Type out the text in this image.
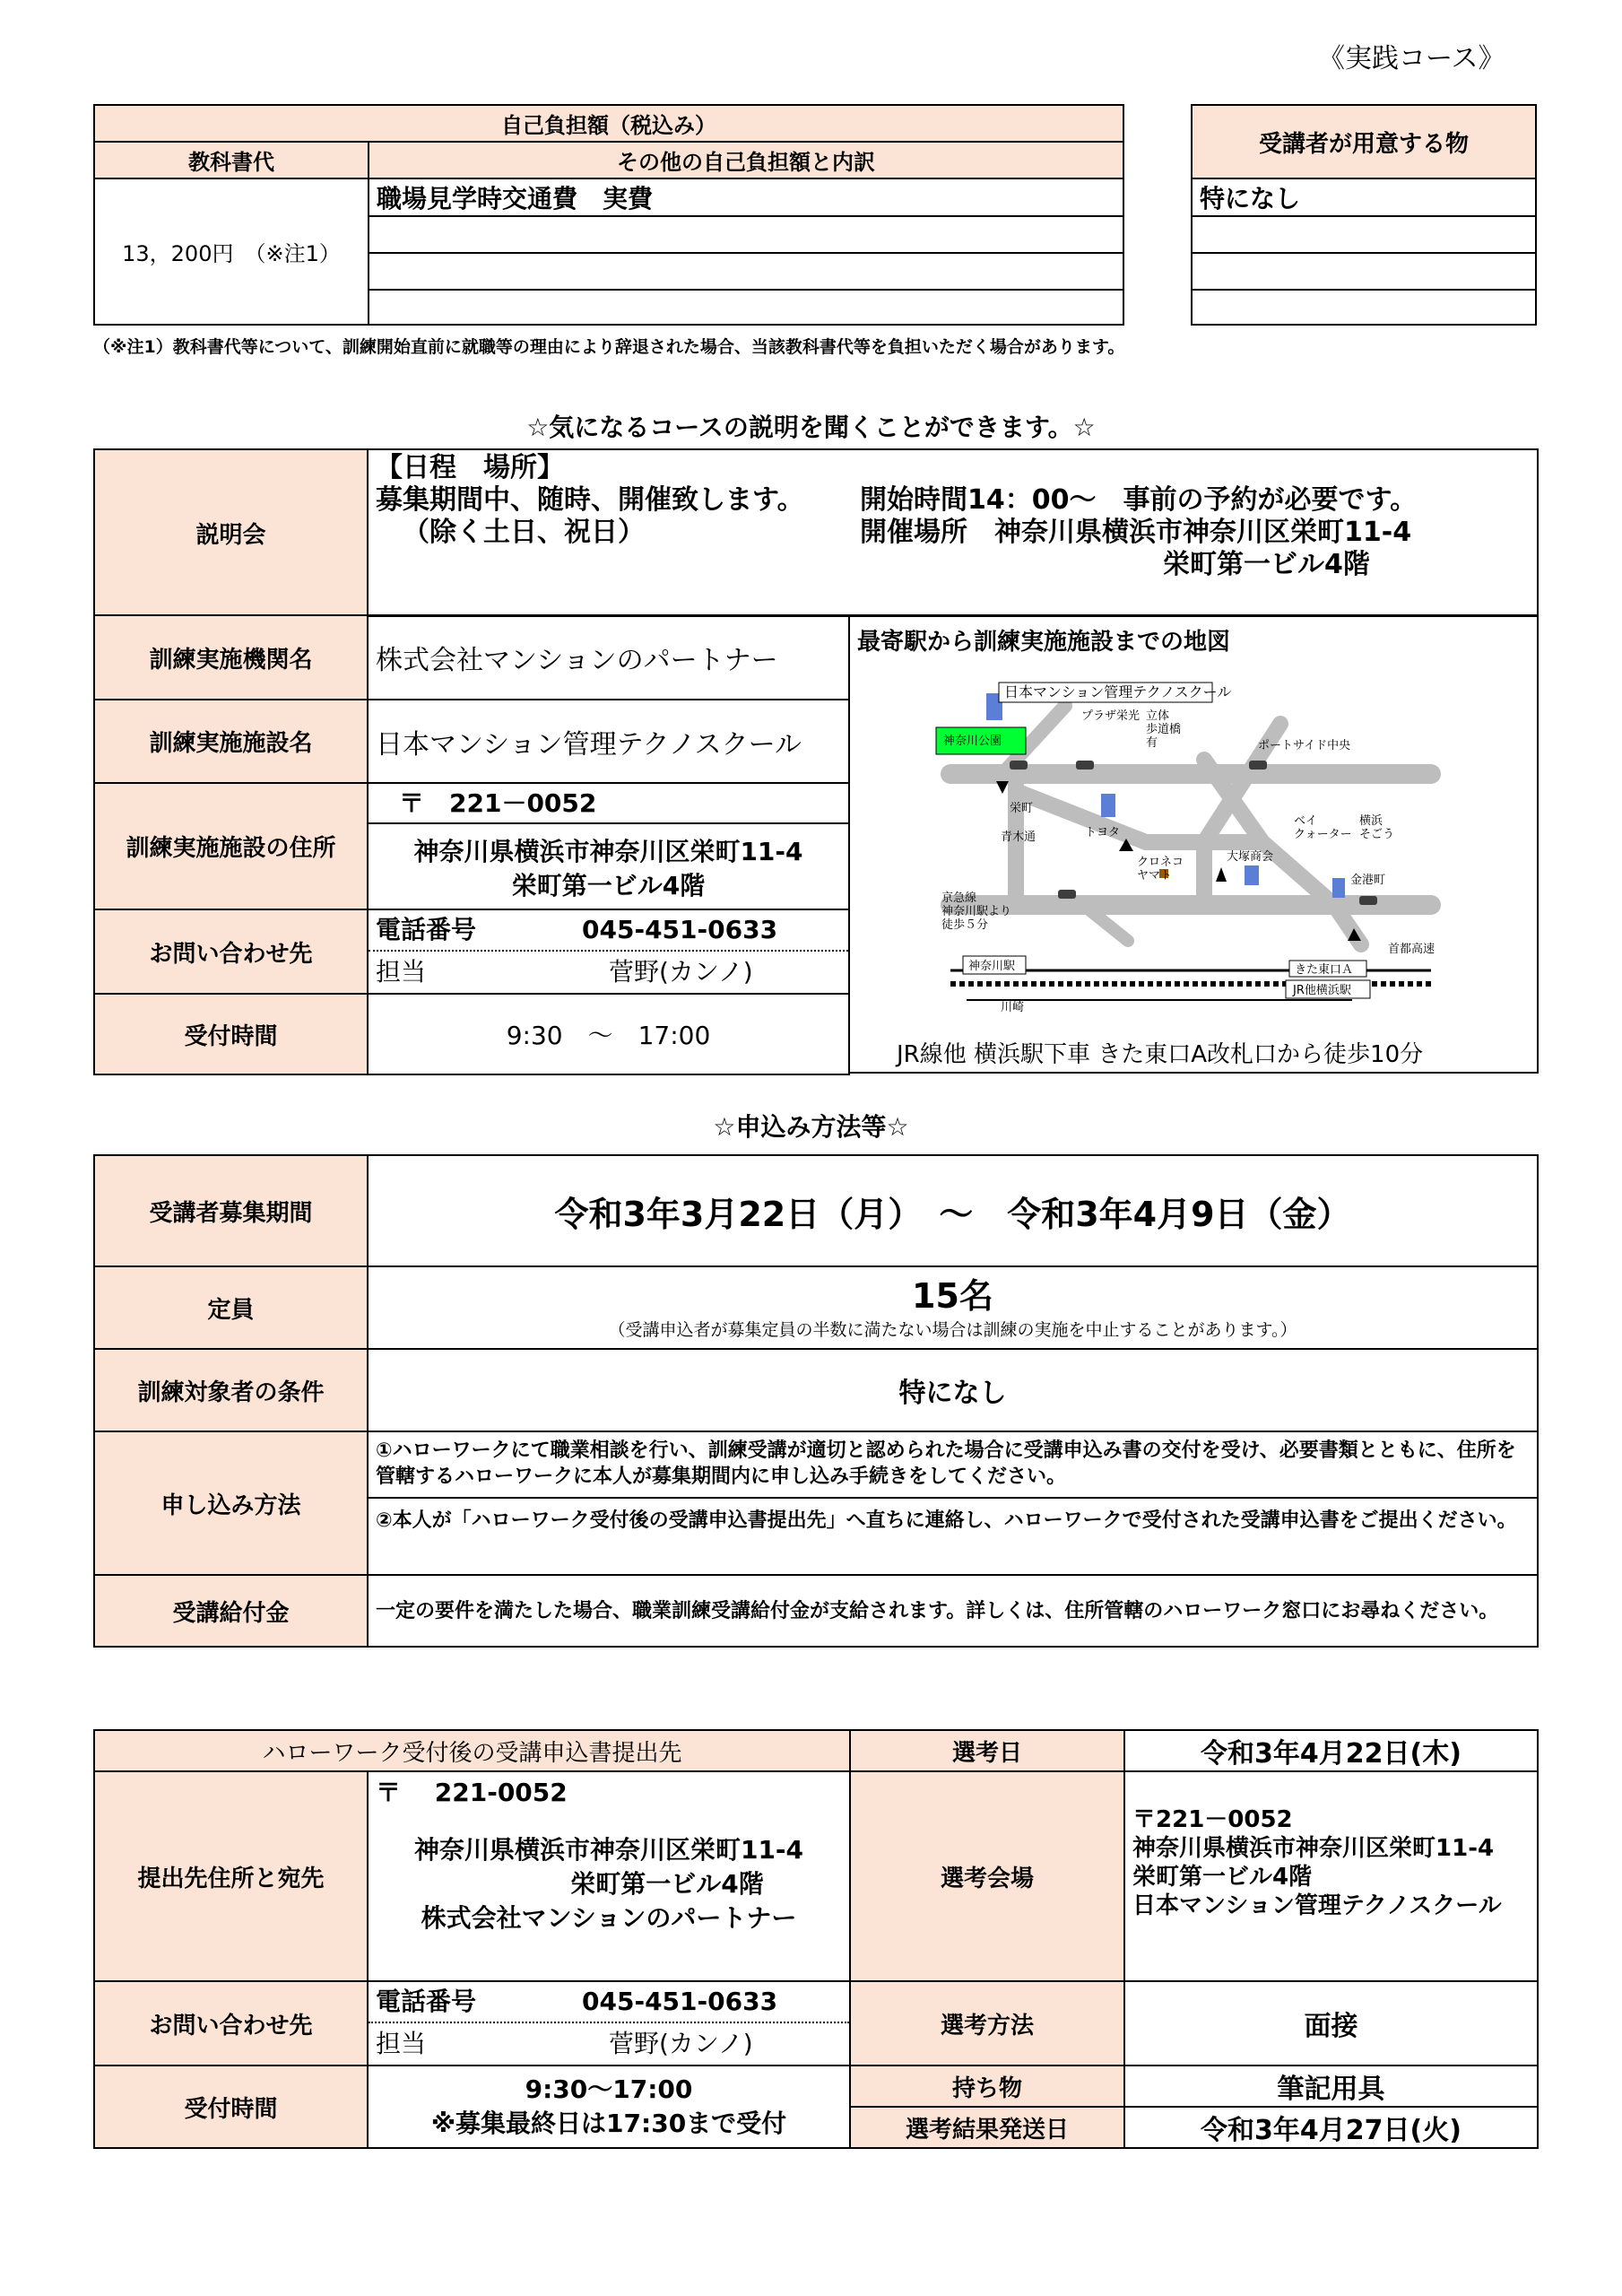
《実践コース》
自己負担額（税込み）	
教科書代	その他の自己負担額と内訳
13，200円　（※注1）	職場見学時交通費　実費

受講者が用意する物
特になし

（※注1）教科書代等について、訓練開始直前に就職等の理由により辞退された場合、当該教科書代等を負担いただく場合があります。
☆気になるコースの説明を聞くことができます。☆
説明会	
【日程　場所】
募集期間中、随時、開催致します。 開始時間14：00～　事前の予約が必要です。
（除く土日、祝日）	開催場所　神奈川県横浜市神奈川区栄町11-4
栄町第一ビル4階
訓練実施機関名	株式会社マンションのパートナー
訓練実施施設名	日本マンション管理テクノスクール
訓練実施施設の住所	〒　221－0052
神奈川県横浜市神奈川区栄町11-4
栄町第一ビル4階

お問い合わせ先	電話番号 045-451-0633
担当 菅野(カンノ)

受付時間	9:30　～　17:00
最寄駅から訓練実施施設までの地図
神奈川公園
日本マンション管理テクノスクール
プラザ栄光 立体歩道橋有	ポートサイド中央
栄町
青木通	トヨタ
クロネコヤマト
大塚商会
ベイクォーター
横浜そごう
金港町
京急線神奈川駅より徒歩５分
神奈川駅
首都高速
きた東口Ａ
JR他横浜駅
川崎
JR線他 横浜駅下車 きた東口A改札口から徒歩10分
☆申込み方法等☆
受講者募集期間	令和3年3月22日（月）　～　令和3年4月9日（金）
定員	15名
（受講申込者が募集定員の半数に満たない場合は訓練の実施を中止することがあります。）

訓練対象者の条件	特になし
申し込み方法	①ハローワークにて職業相談を行い、訓練受講が適切と認められた場合に受講申込み書の交付を受け、必要書類とともに、住所を管轄するハローワークに本人が募集期間内に申し込み手続きをしてください。
②本人が「ハローワーク受付後の受講申込書提出先」へ直ちに連絡し、ハローワークで受付された受講申込書をご提出ください。

受講給付金	一定の要件を満たした場合、職業訓練受講給付金が支給されます。詳しくは、住所管轄のハローワーク窓口にお尋ねください。
ハローワーク受付後の受講申込書提出先		選考日	令和3年4月22日(木)
提出先住所と宛先	〒　 221-0052
神奈川県横浜市神奈川区栄町11-4
栄町第一ビル4階
株式会社マンションのパートナー	選考会場	〒221－0052
神奈川県横浜市神奈川区栄町11-4
栄町第一ビル4階
日本マンション管理テクノスクール

お問い合わせ先	電話番号 045-451-0633
担当 菅野(カンノ)	選考方法	面接
受付時間	9:30～17:00
※募集最終日は17:30まで受付	持ち物	筆記用具
		選考結果発送日	令和3年4月27日(火)
